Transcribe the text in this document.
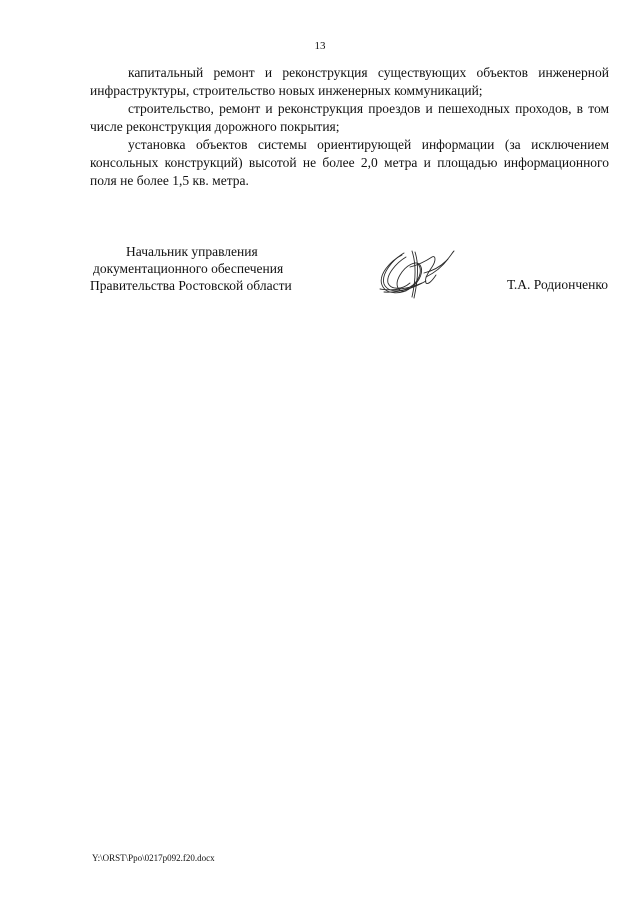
13

капитальный ремонт и реконструкция существующих объектов инженерной инфраструктуры, строительство новых инженерных коммуникаций;

строительство, ремонт и реконструкция проездов и пешеходных проходов, в том числе реконструкция дорожного покрытия;

установка объектов системы ориентирующей информации (за исключением консольных конструкций) высотой не более 2,0 метра и площадью информационного поля не более 1,5 кв. метра.

Начальник управления
документационного обеспечения
Правительства Ростовской области	Т.А. Родионченко
Y:\ORST\Ppo\0217p092.f20.docx
